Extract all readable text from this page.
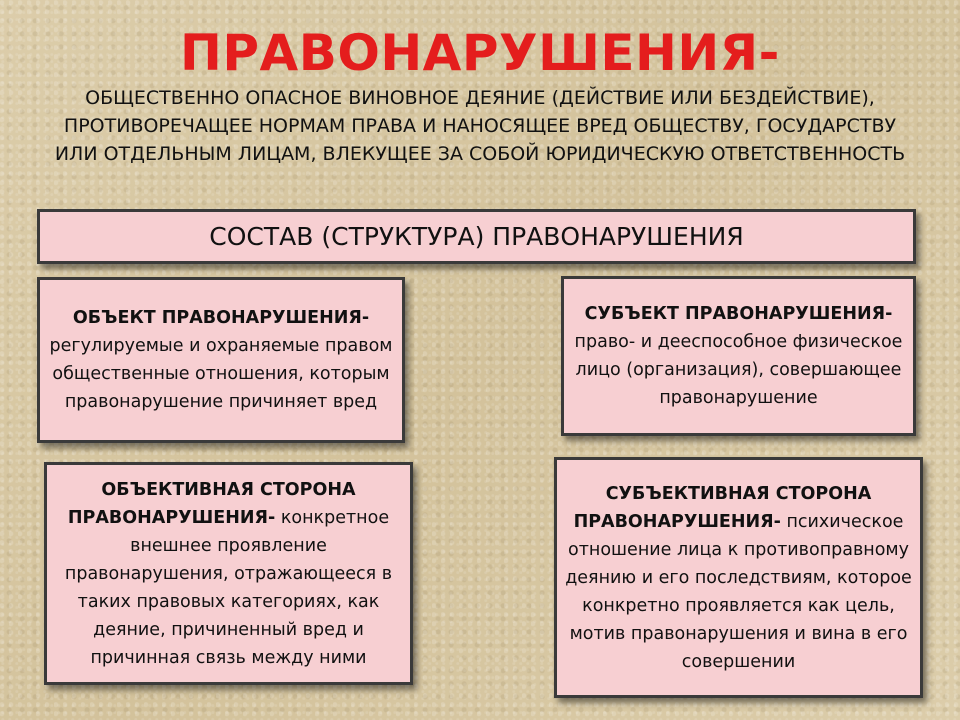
ПРАВОНАРУШЕНИЯ-
ОБЩЕСТВЕННО ОПАСНОЕ ВИНОВНОЕ ДЕЯНИЕ (ДЕЙСТВИЕ ИЛИ БЕЗДЕЙСТВИЕ), ПРОТИВОРЕЧАЩЕЕ НОРМАМ ПРАВА И НАНОСЯЩЕЕ ВРЕД ОБЩЕСТВУ, ГОСУДАРСТВУ ИЛИ ОТДЕЛЬНЫМ ЛИЦАМ, ВЛЕКУЩЕЕ ЗА СОБОЙ ЮРИДИЧЕСКУЮ ОТВЕТСТВЕННОСТЬ
СОСТАВ (СТРУКТУРА) ПРАВОНАРУШЕНИЯ
ОБЪЕКТ ПРАВОНАРУШЕНИЯ- регулируемые и охраняемые правом общественные отношения, которым правонарушение причиняет вред
СУБЪЕКТ ПРАВОНАРУШЕНИЯ- право- и дееспособное физическое лицо (организация), совершающее правонарушение
ОБЪЕКТИВНАЯ СТОРОНА ПРАВОНАРУШЕНИЯ- конкретное внешнее проявление правонарушения, отражающееся в таких правовых категориях, как деяние, причиненный вред и причинная связь между ними
СУБЪЕКТИВНАЯ СТОРОНА ПРАВОНАРУШЕНИЯ- психическое отношение лица к противоправному деянию и его последствиям, которое конкретно проявляется как цель, мотив правонарушения и вина в его совершении
